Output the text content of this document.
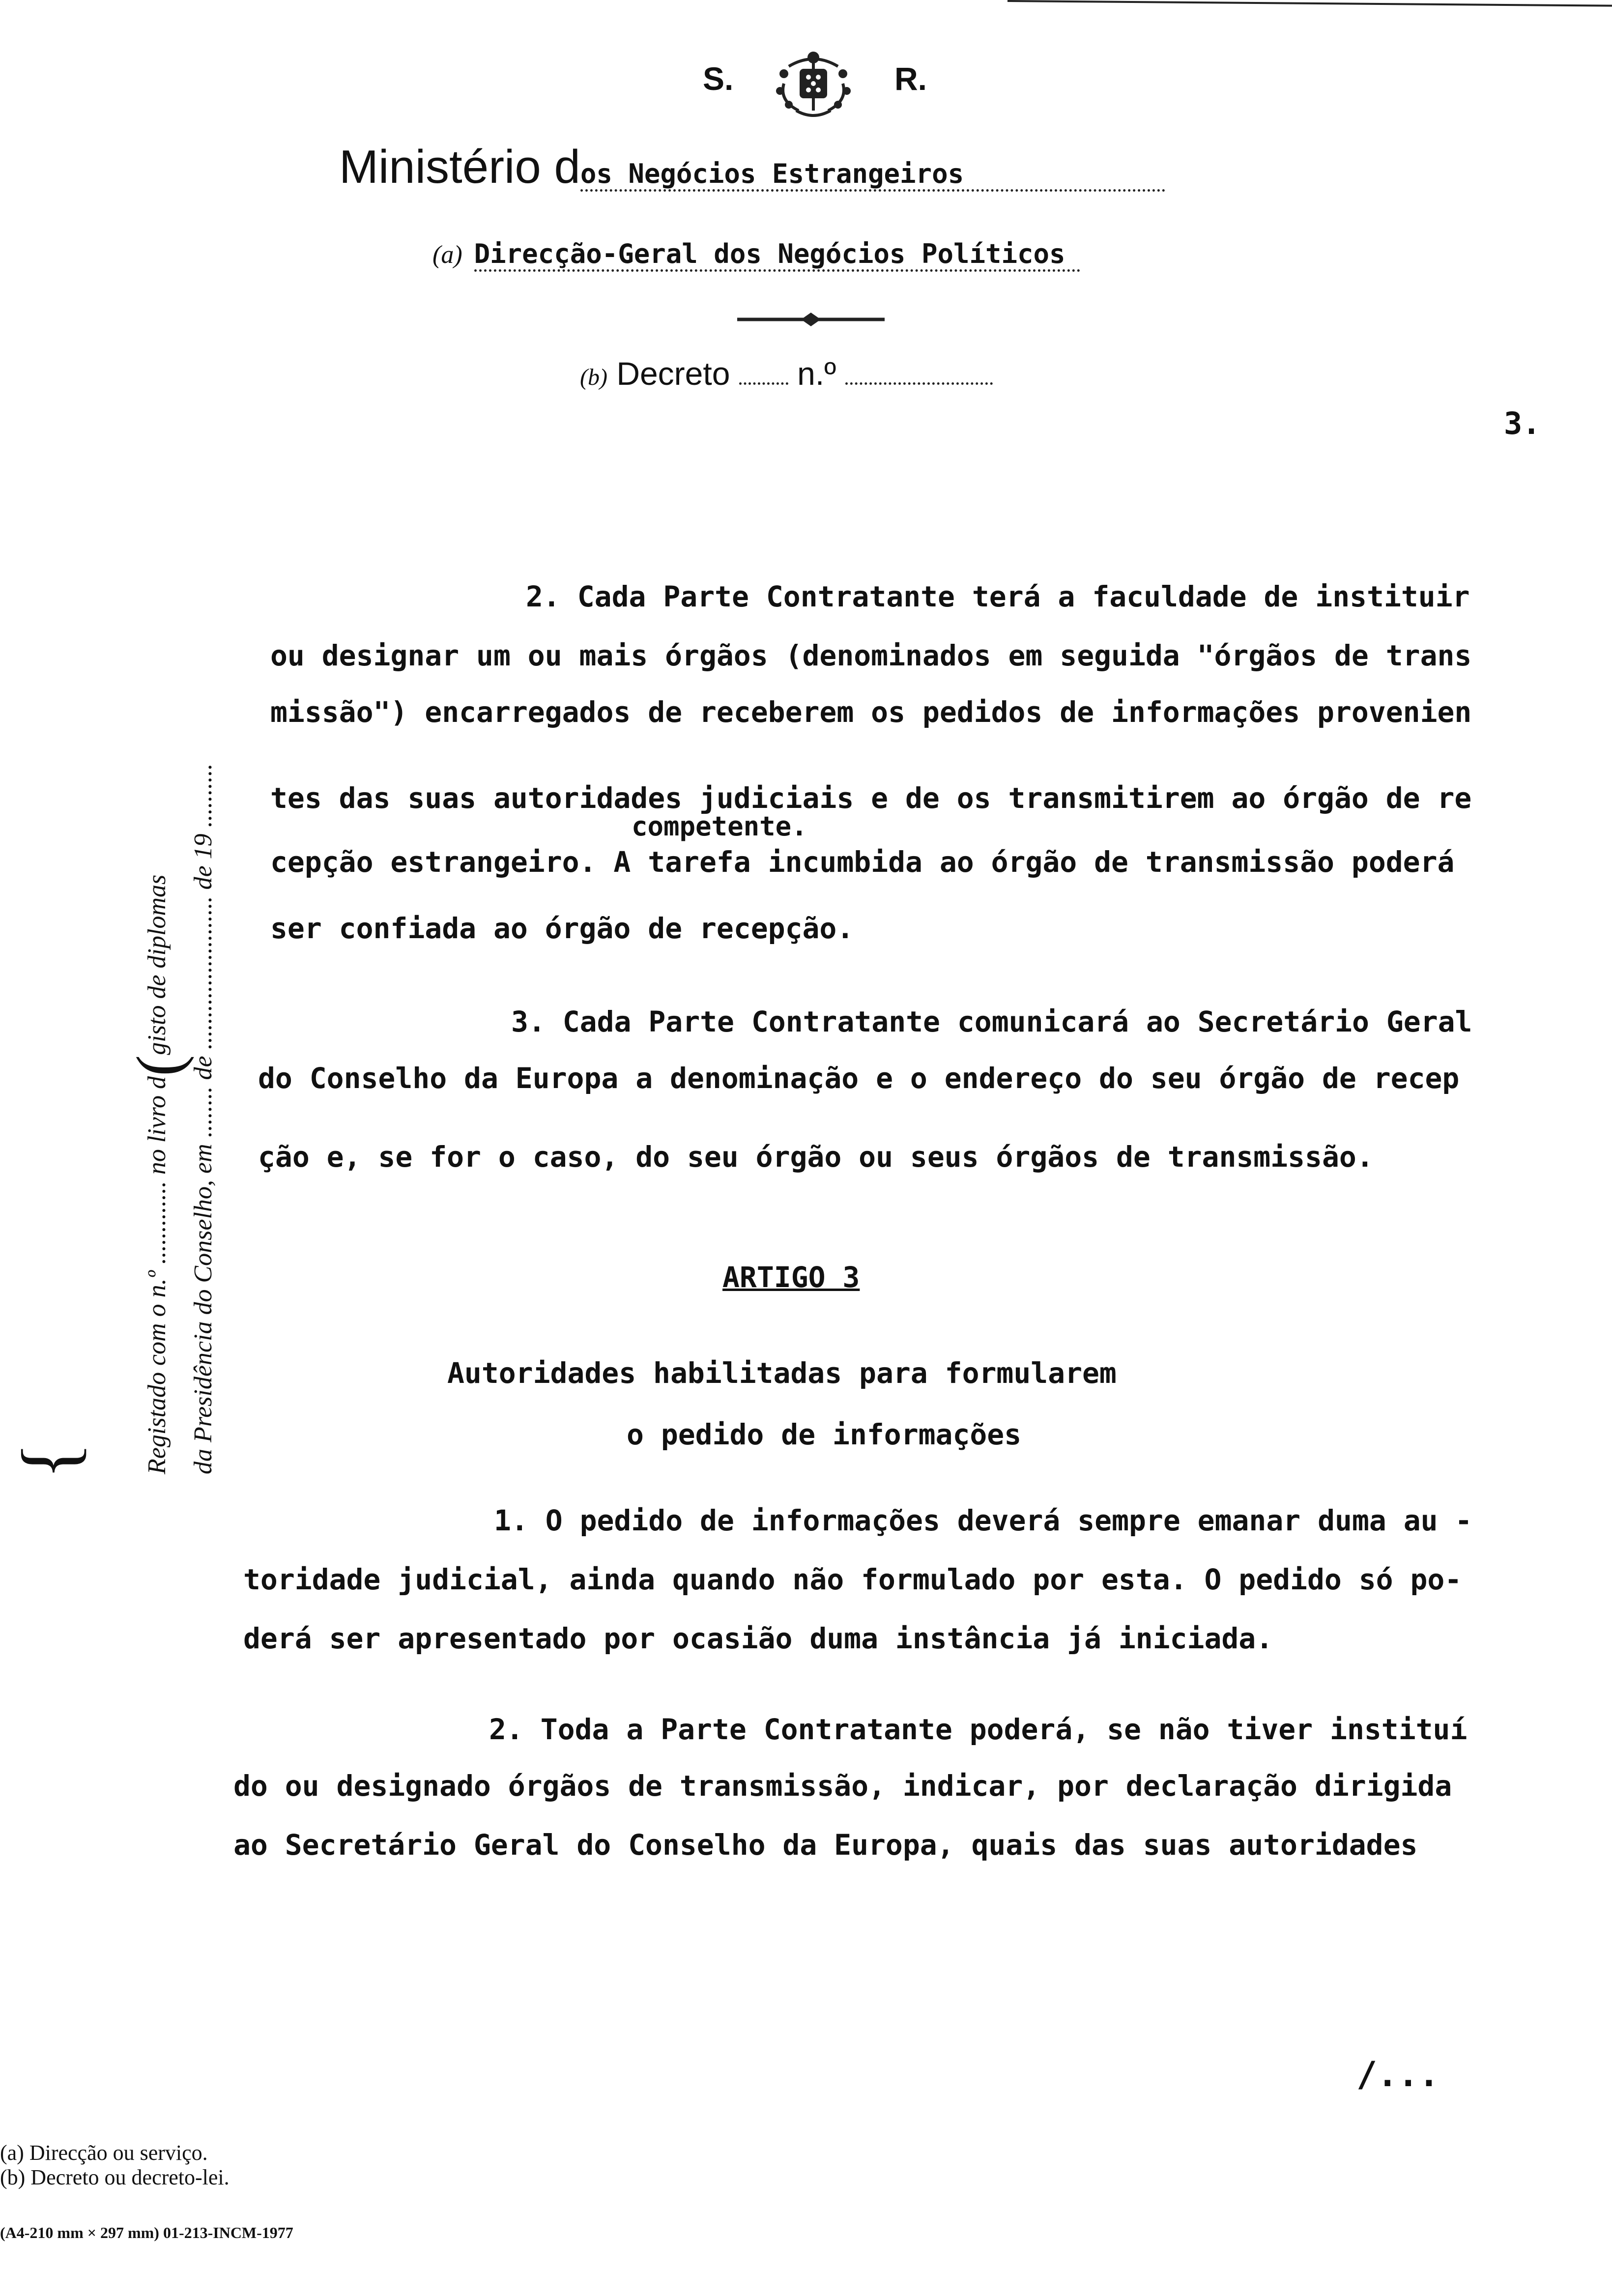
S.	R.
Ministério dos Negócios Estrangeiros
(a) Direcção-Geral dos Negócios Políticos
(b) Decreto n.º
3.
Registado com o n.º ............. no livro d(gisto de diplomas da Presidência do Conselho, em ........ de ........................ de 19 ..........
{
2. Cada Parte Contratante terá a faculdade de instituir
ou designar um ou mais órgãos (denominados em seguida "órgãos de trans
missão") encarregados de receberem os pedidos de informações provenien
tes das suas autoridades judiciais e de os transmitirem ao órgão de re
competente.
cepção estrangeiro. A tarefa incumbida ao órgão de transmissão poderá
ser confiada ao órgão de recepção.
3. Cada Parte Contratante comunicará ao Secretário Geral
do Conselho da Europa a denominação e o endereço do seu órgão de recep
ção e, se for o caso, do seu órgão ou seus órgãos de transmissão.
ARTIGO 3
Autoridades habilitadas para formularem
o pedido de informações
1. O pedido de informações deverá sempre emanar duma au -
toridade judicial, ainda quando não formulado por esta. O pedido só po-
derá ser apresentado por ocasião duma instância já iniciada.
2. Toda a Parte Contratante poderá, se não tiver instituí
do ou designado órgãos de transmissão, indicar, por declaração dirigida
ao Secretário Geral do Conselho da Europa, quais das suas autoridades
/...
(a) Direcção ou serviço.
(b) Decreto ou decreto-lei.
(A4-210 mm × 297 mm) 01-213-INCM-1977
